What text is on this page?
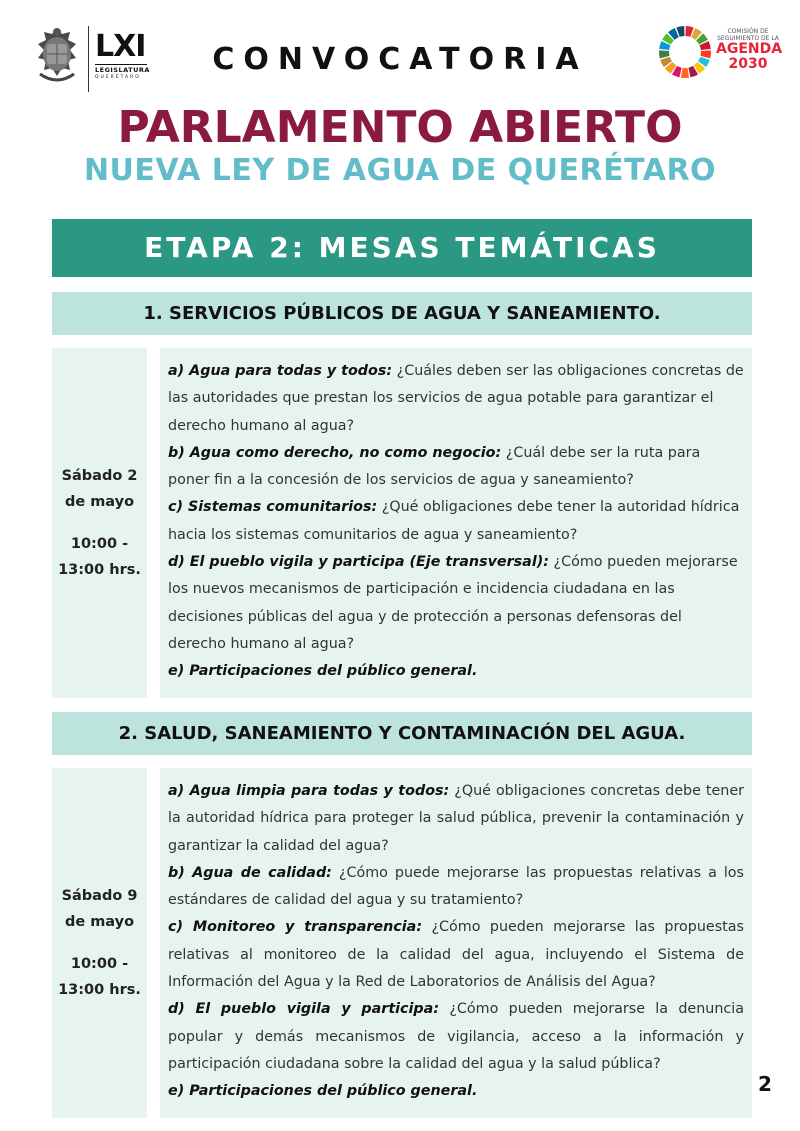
LXI
LEGISLATURA
QUERÉTARO
CONVOCATORIA
COMISIÓN DE SEGUIMIENTO DE LA
AGENDA
2030
PARLAMENTO ABIERTO
NUEVA LEY DE AGUA DE QUERÉTARO
ETAPA 2: MESAS TEMÁTICAS
1. SERVICIOS PÚBLICOS DE AGUA Y SANEAMIENTO.
Sábado 2
de mayo
10:00 -
13:00 hrs.

a) Agua para todas y todos: ¿Cuáles deben ser las obligaciones concretas de las autoridades que prestan los servicios de agua potable para garantizar el derecho humano al agua?

b) Agua como derecho, no como negocio: ¿Cuál debe ser la ruta para poner fin a la concesión de los servicios de agua y saneamiento?

c) Sistemas comunitarios: ¿Qué obligaciones debe tener la autoridad hídrica hacia los sistemas comunitarios de agua y saneamiento?

d) El pueblo vigila y participa (Eje transversal): ¿Cómo pueden mejorarse los nuevos mecanismos de participación e incidencia ciudadana en las decisiones públicas del agua y de protección a personas defensoras del derecho humano al agua?

e) Participaciones del público general.

2. SALUD, SANEAMIENTO Y CONTAMINACIÓN DEL AGUA.
Sábado 9
de mayo
10:00 -
13:00 hrs.

a) Agua limpia para todas y todos: ¿Qué obligaciones concretas debe tener la autoridad hídrica para proteger la salud pública, prevenir la contaminación y garantizar la calidad del agua?

b) Agua de calidad: ¿Cómo puede mejorarse las propuestas relativas a los estándares de calidad del agua y su tratamiento?

c) Monitoreo y transparencia: ¿Cómo pueden mejorarse las propuestas relativas al monitoreo de la calidad del agua, incluyendo el Sistema de Información del Agua y la Red de Laboratorios de Análisis del Agua?

d) El pueblo vigila y participa: ¿Cómo pueden mejorarse la denuncia popular y demás mecanismos de vigilancia, acceso a la información y participación ciudadana sobre la calidad del agua y la salud pública?

e) Participaciones del público general.	2
